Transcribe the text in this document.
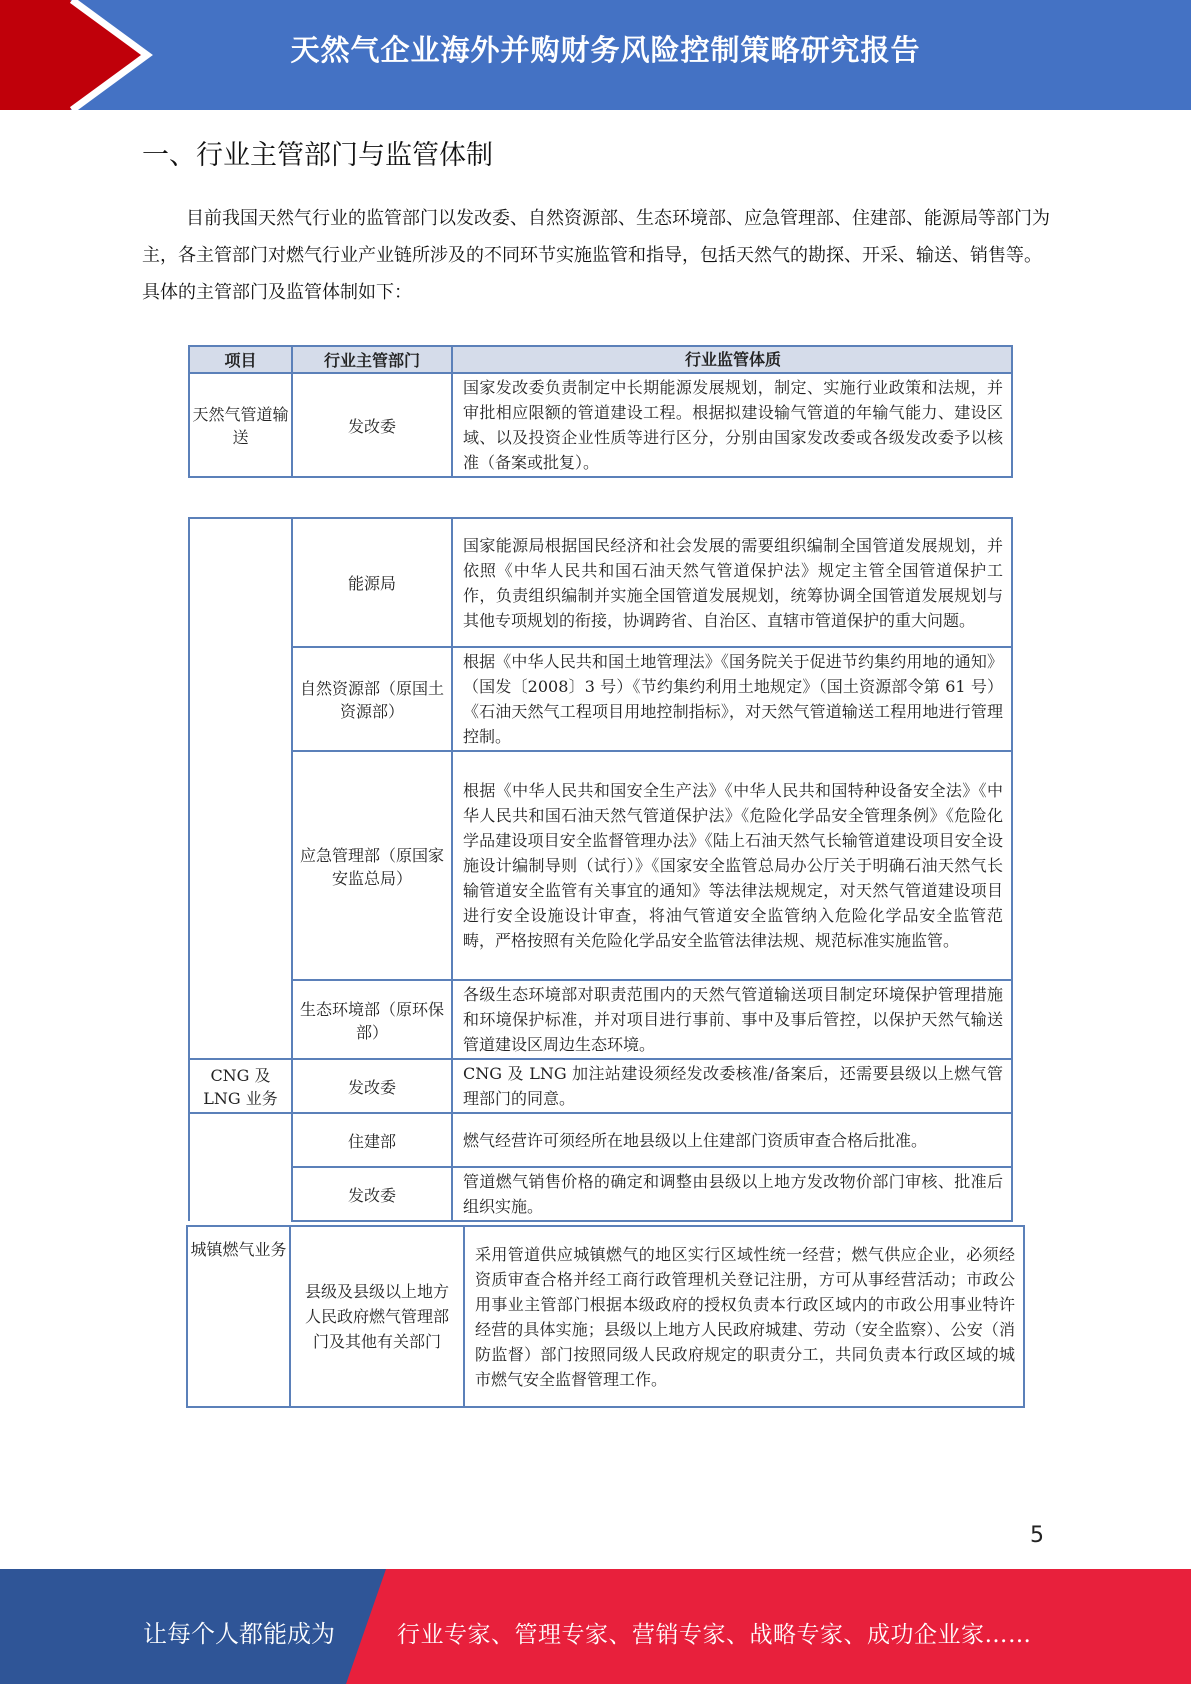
天然气企业海外并购财务风险控制策略研究报告
一、行业主管部门与监管体制

目前我国天然气行业的监管部门以发改委、自然资源部、生态环境部、应急管理部、住建部、能源局等部门为主，各主管部门对燃气行业产业链所涉及的不同环节实施监管和指导，包括天然气的勘探、开采、输送、销售等。具体的主管部门及监管体制如下：

项目	行业主管部门	行业监管体质
天然气管道输送	发改委	国家发改委负责制定中长期能源发展规划，制定、实施行业政策和法规，并审批相应限额的管道建设工程。根据拟建设输气管道的年输气能力、建设区域、以及投资企业性质等进行区分，分别由国家发改委或各级发改委予以核准（备案或批复）。
	能源局	国家能源局根据国民经济和社会发展的需要组织编制全国管道发展规划，并依照《中华人民共和国石油天然气管道保护法》规定主管全国管道保护工作，负责组织编制并实施全国管道发展规划，统筹协调全国管道发展规划与其他专项规划的衔接，协调跨省、自治区、直辖市管道保护的重大问题。
	自然资源部（原国土资源部）	根据《中华人民共和国土地管理法》《国务院关于促进节约集约用地的通知》（国发〔2008〕3 号）《节约集约利用土地规定》（国土资源部令第 61 号）《石油天然气工程项目用地控制指标》，对天然气管道输送工程用地进行管理控制。
	应急管理部（原国家安监总局）	根据《中华人民共和国安全生产法》《中华人民共和国特种设备安全法》《中华人民共和国石油天然气管道保护法》《危险化学品安全管理条例》《危险化学品建设项目安全监督管理办法》《陆上石油天然气长输管道建设项目安全设施设计编制导则（试行）》《国家安全监管总局办公厅关于明确石油天然气长输管道安全监管有关事宜的通知》等法律法规规定，对天然气管道建设项目进行安全设施设计审查，将油气管道安全监管纳入危险化学品安全监管范畴，严格按照有关危险化学品安全监管法律法规、规范标准实施监管。
	生态环境部（原环保部）	各级生态环境部对职责范围内的天然气管道输送项目制定环境保护管理措施和环境保护标准，并对项目进行事前、事中及事后管控，以保护天然气输送管道建设区周边生态环境。
CNG 及 LNG 业务	发改委	CNG 及 LNG 加注站建设须经发改委核准/备案后，还需要县级以上燃气管理部门的同意。
	住建部	燃气经营许可须经所在地县级以上住建部门资质审查合格后批准。
	发改委	管道燃气销售价格的确定和调整由县级以上地方发改物价部门审核、批准后组织实施。
城镇燃气业务	县级及县级以上地方人民政府燃气管理部门及其他有关部门	采用管道供应城镇燃气的地区实行区域性统一经营；燃气供应企业，必须经资质审查合格并经工商行政管理机关登记注册，方可从事经营活动；市政公用事业主管部门根据本级政府的授权负责本行政区域内的市政公用事业特许经营的具体实施；县级以上地方人民政府城建、劳动（安全监察）、公安（消防监督）部门按照同级人民政府规定的职责分工，共同负责本行政区域的城市燃气安全监督管理工作。
5
让每个人都能成为	行业专家、管理专家、营销专家、战略专家、成功企业家……
